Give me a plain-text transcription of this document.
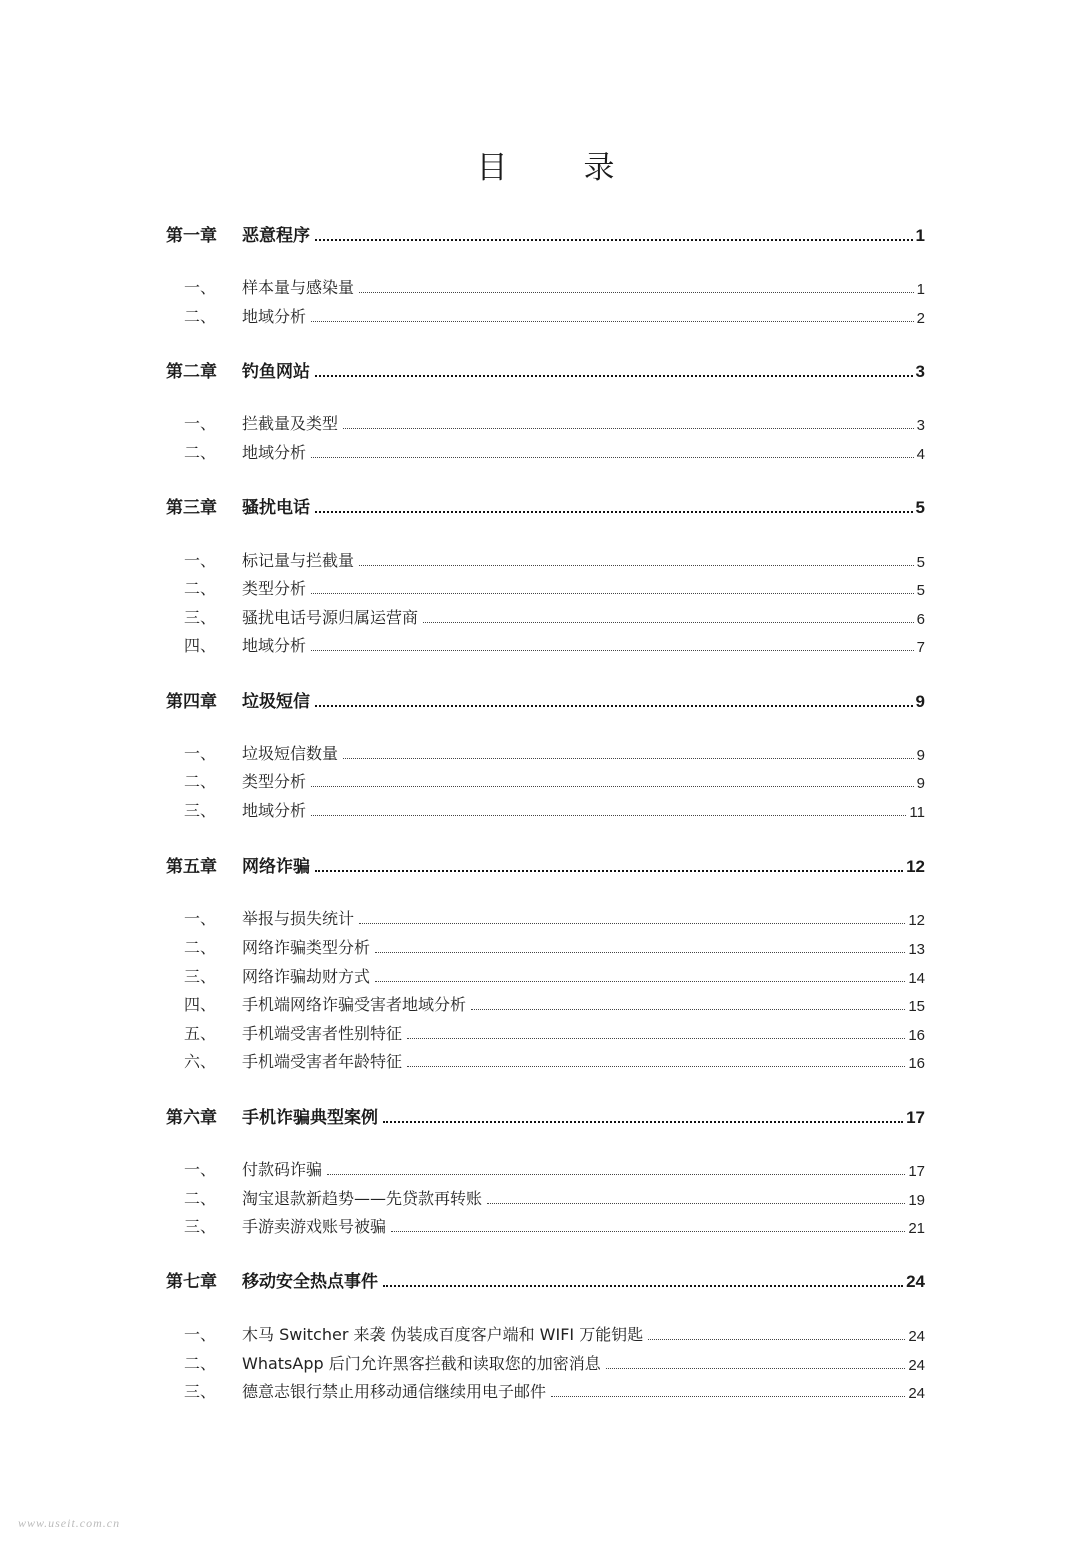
目 录
第一章	恶意程序	1
一、	样本量与感染量	1
二、	地域分析	2
第二章	钓鱼网站	3
一、	拦截量及类型	3
二、	地域分析	4
第三章	骚扰电话	5
一、	标记量与拦截量	5
二、	类型分析	5
三、	骚扰电话号源归属运营商	6
四、	地域分析	7
第四章	垃圾短信	9
一、	垃圾短信数量	9
二、	类型分析	9
三、	地域分析	11
第五章	网络诈骗	12
一、	举报与损失统计	12
二、	网络诈骗类型分析	13
三、	网络诈骗劫财方式	14
四、	手机端网络诈骗受害者地域分析	15
五、	手机端受害者性别特征	16
六、	手机端受害者年龄特征	16
第六章	手机诈骗典型案例	17
一、	付款码诈骗	17
二、	淘宝退款新趋势——先贷款再转账	19
三、	手游卖游戏账号被骗	21
第七章	移动安全热点事件	24
一、	木马 Switcher 来袭 伪装成百度客户端和 WIFI 万能钥匙	24
二、	WhatsApp 后门允许黑客拦截和读取您的加密消息	24
三、	德意志银行禁止用移动通信继续用电子邮件	24
www.useit.com.cn
